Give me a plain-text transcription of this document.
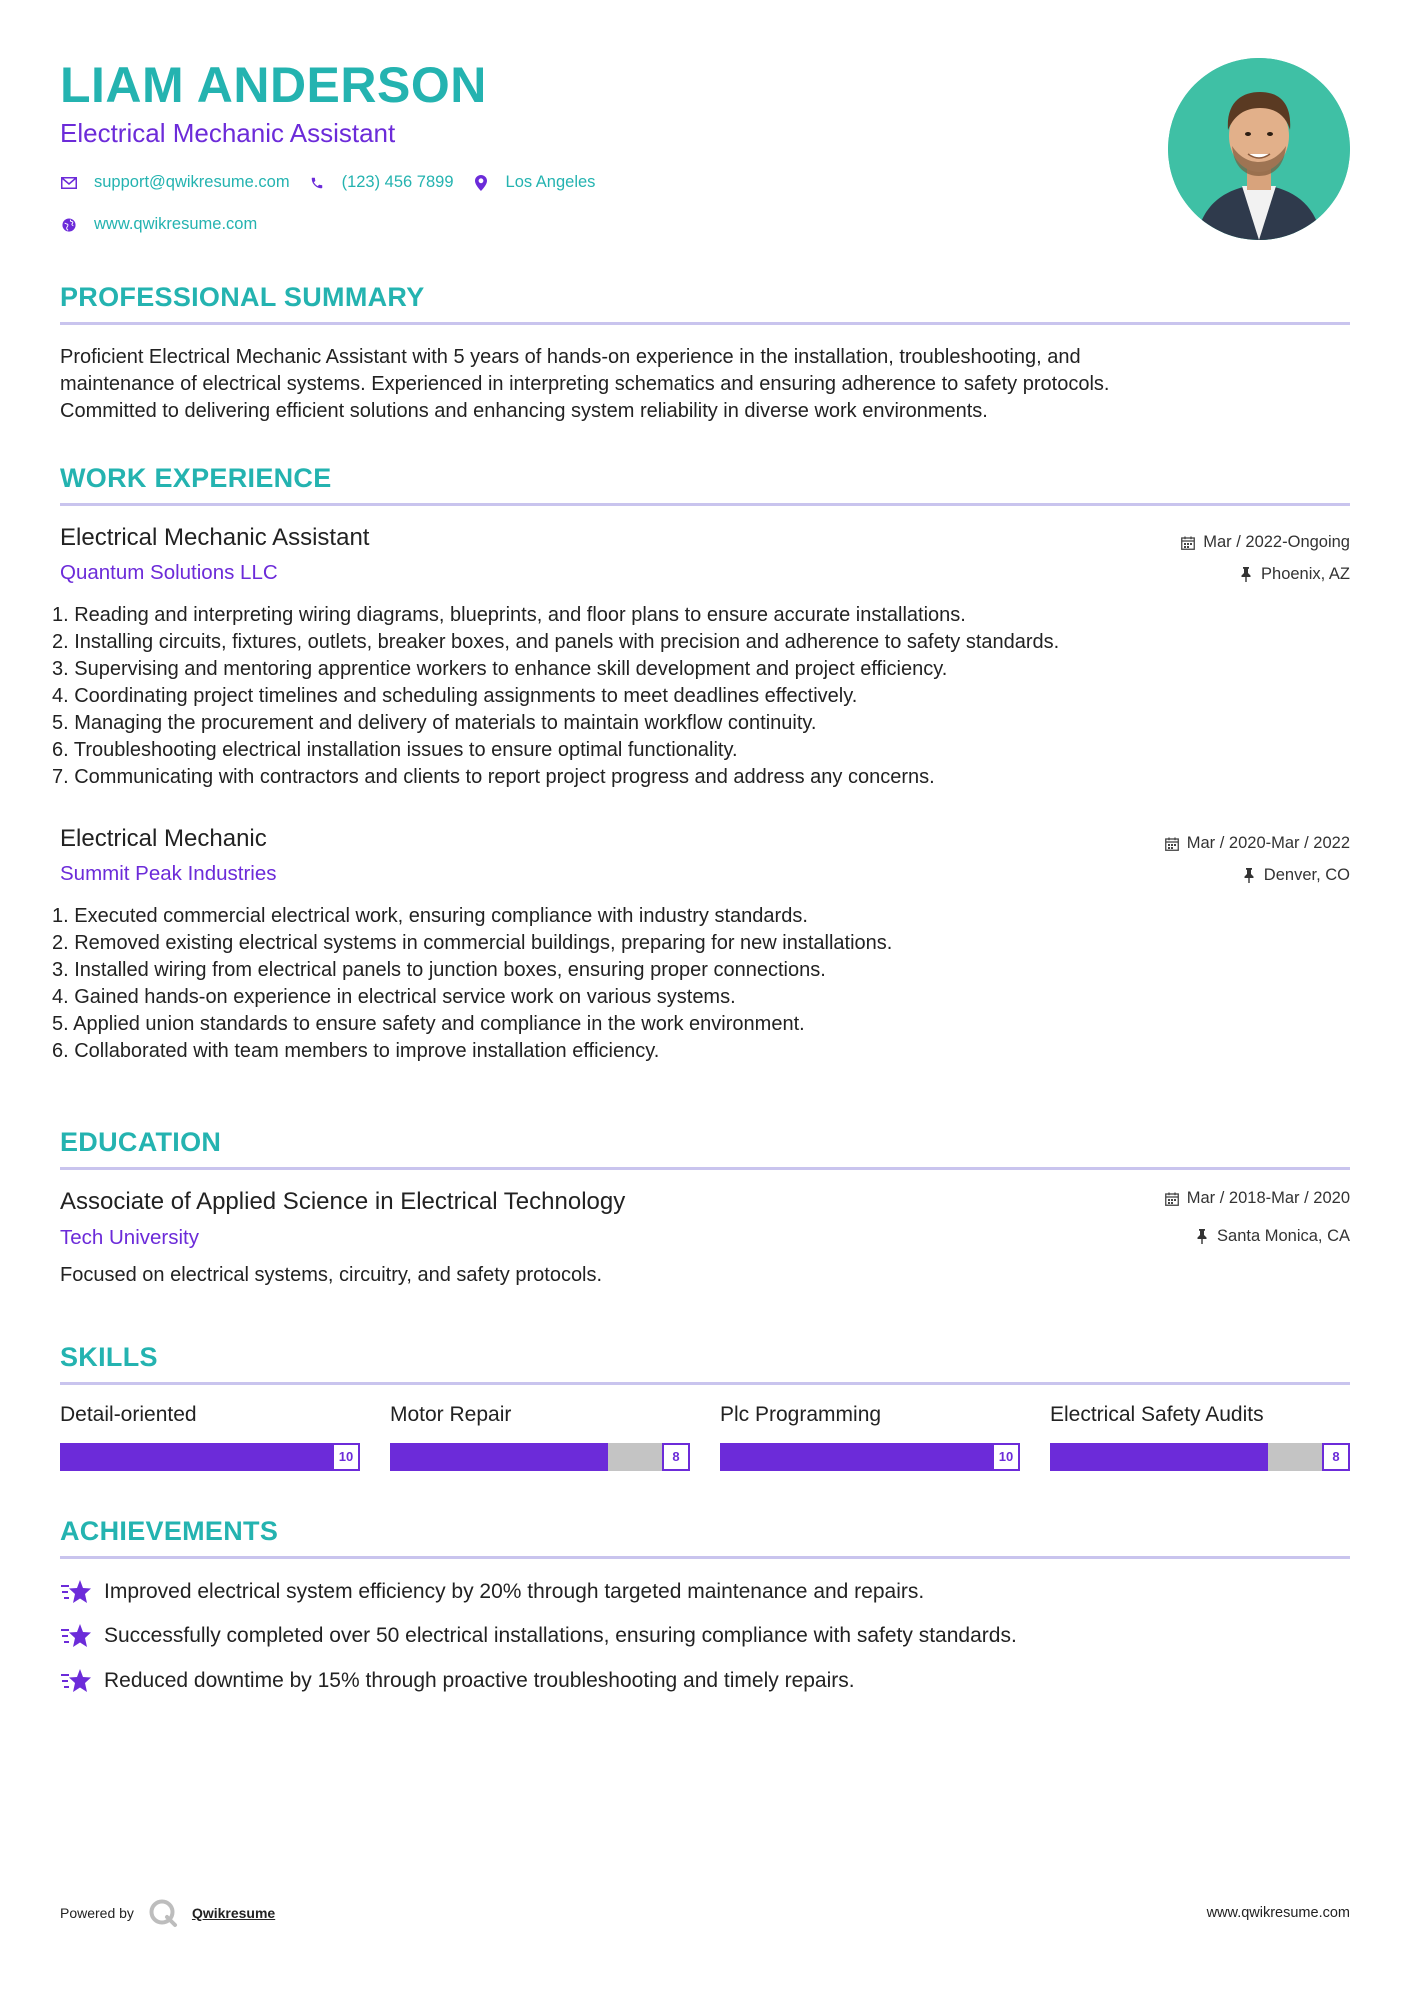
LIAM ANDERSON
Electrical Mechanic Assistant
support@qwikresume.com	(123) 456 7899	Los Angeles
www.qwikresume.com
PROFESSIONAL SUMMARY
Proficient Electrical Mechanic Assistant with 5 years of hands-on experience in the installation, troubleshooting, and
maintenance of electrical systems. Experienced in interpreting schematics and ensuring adherence to safety protocols.
Committed to delivering efficient solutions and enhancing system reliability in diverse work environments.
WORK EXPERIENCE
Electrical Mechanic Assistant
Quantum Solutions LLC
Mar / 2022-Ongoing
Phoenix, AZ
1. Reading and interpreting wiring diagrams, blueprints, and floor plans to ensure accurate installations.
2. Installing circuits, fixtures, outlets, breaker boxes, and panels with precision and adherence to safety standards.
3. Supervising and mentoring apprentice workers to enhance skill development and project efficiency.
4. Coordinating project timelines and scheduling assignments to meet deadlines effectively.
5. Managing the procurement and delivery of materials to maintain workflow continuity.
6. Troubleshooting electrical installation issues to ensure optimal functionality.
7. Communicating with contractors and clients to report project progress and address any concerns.
Electrical Mechanic
Summit Peak Industries
Mar / 2020-Mar / 2022
Denver, CO
1. Executed commercial electrical work, ensuring compliance with industry standards.
2. Removed existing electrical systems in commercial buildings, preparing for new installations.
3. Installed wiring from electrical panels to junction boxes, ensuring proper connections.
4. Gained hands-on experience in electrical service work on various systems.
5. Applied union standards to ensure safety and compliance in the work environment.
6. Collaborated with team members to improve installation efficiency.
EDUCATION
Associate of Applied Science in Electrical Technology
Tech University
Mar / 2018-Mar / 2020
Santa Monica, CA
Focused on electrical systems, circuitry, and safety protocols.
SKILLS
Detail-oriented
10
Motor Repair
8
Plc Programming
10
Electrical Safety Audits
8
ACHIEVEMENTS
Improved electrical system efficiency by 20% through targeted maintenance and repairs.
Successfully completed over 50 electrical installations, ensuring compliance with safety standards.
Reduced downtime by 15% through proactive troubleshooting and timely repairs.
Powered by	Qwikresume	www.qwikresume.com
